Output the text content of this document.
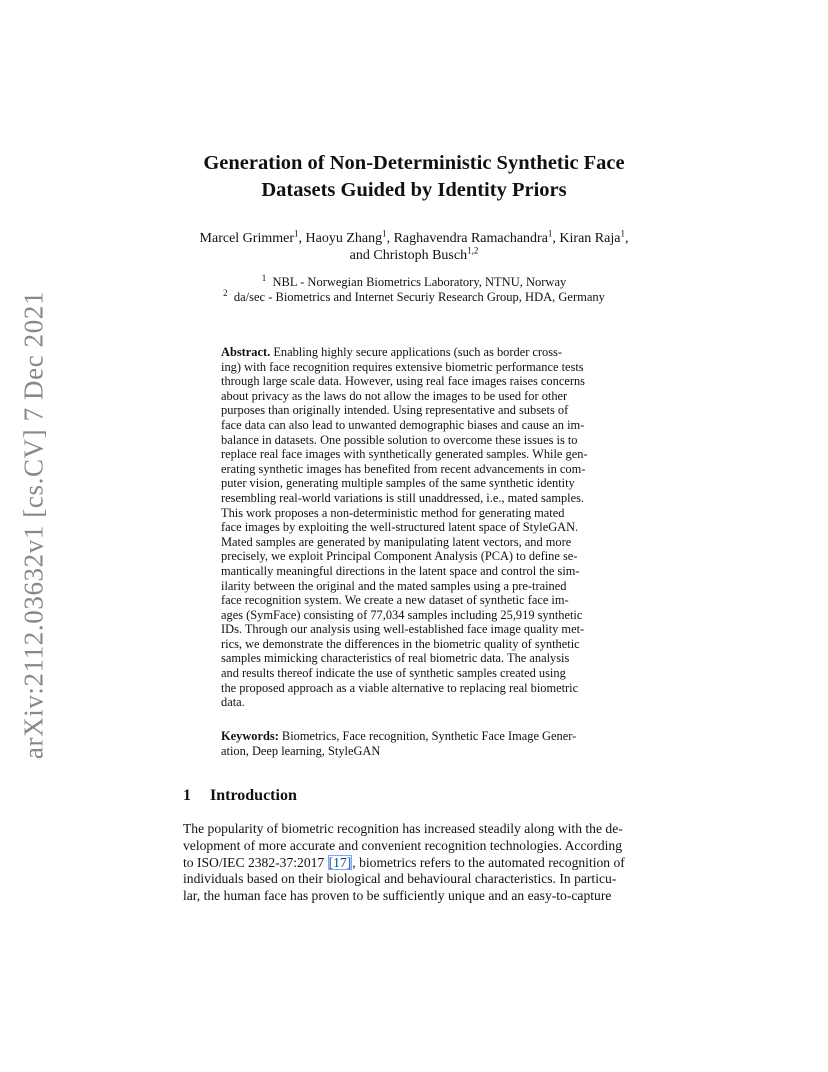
arXiv:2112.03632v1 [cs.CV] 7 Dec 2021
Generation of Non-Deterministic Synthetic Face
Datasets Guided by Identity Priors
Marcel Grimmer$^1$, Haoyu Zhang$^1$, Raghavendra Ramachandra$^1$, Kiran Raja$^1$,
and Christoph Busch$^{1,2}$
$^1$ NBL - Norwegian Biometrics Laboratory, NTNU, Norway
$^2$ da/sec - Biometrics and Internet Securiy Research Group, HDA, Germany
Abstract. Enabling highly secure applications (such as border cross-
ing) with face recognition requires extensive biometric performance tests
through large scale data. However, using real face images raises concerns
about privacy as the laws do not allow the images to be used for other
purposes than originally intended. Using representative and subsets of
face data can also lead to unwanted demographic biases and cause an im-
balance in datasets. One possible solution to overcome these issues is to
replace real face images with synthetically generated samples. While gen-
erating synthetic images has benefited from recent advancements in com-
puter vision, generating multiple samples of the same synthetic identity
resembling real-world variations is still unaddressed, i.e., mated samples.
This work proposes a non-deterministic method for generating mated
face images by exploiting the well-structured latent space of StyleGAN.
Mated samples are generated by manipulating latent vectors, and more
precisely, we exploit Principal Component Analysis (PCA) to define se-
mantically meaningful directions in the latent space and control the sim-
ilarity between the original and the mated samples using a pre-trained
face recognition system. We create a new dataset of synthetic face im-
ages (SymFace) consisting of 77,034 samples including 25,919 synthetic
IDs. Through our analysis using well-established face image quality met-
rics, we demonstrate the differences in the biometric quality of synthetic
samples mimicking characteristics of real biometric data. The analysis
and results thereof indicate the use of synthetic samples created using
the proposed approach as a viable alternative to replacing real biometric
data.
Keywords: Biometrics, Face recognition, Synthetic Face Image Gener-
ation, Deep learning, StyleGAN
1 Introduction
The popularity of biometric recognition has increased steadily along with the de-
velopment of more accurate and convenient recognition technologies. According
to ISO/IEC 2382-37:2017 [17], biometrics refers to the automated recognition of
individuals based on their biological and behavioural characteristics. In particu-
lar, the human face has proven to be sufficiently unique and an easy-to-capture
